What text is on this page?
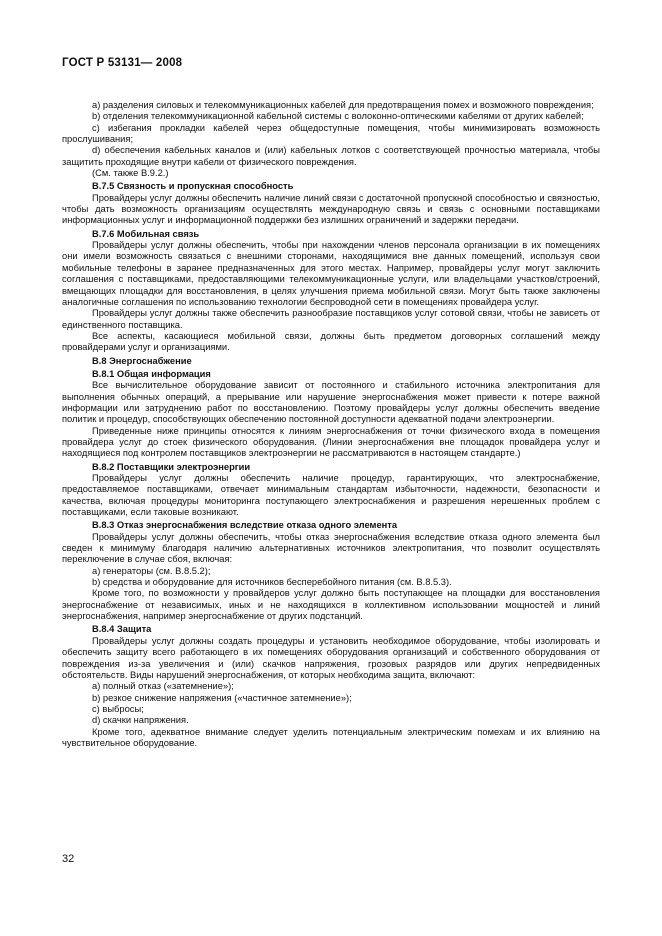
ГОСТ Р 53131— 2008

a) разделения силовых и телекоммуникационных кабелей для предотвращения помех и возможного повреждения;

b) отделения телекоммуникационной кабельной системы с волоконно-оптическими кабелями от других кабелей;

c) избегания прокладки кабелей через общедоступные помещения, чтобы минимизировать возможность прослушивания;

d) обеспечения кабельных каналов и (или) кабельных лотков с соответствующей прочностью материала, чтобы защитить проходящие внутри кабели от физического повреждения.

(См. также В.9.2.)

В.7.5 Связность и пропускная способность

Провайдеры услуг должны обеспечить наличие линий связи с достаточной пропускной способностью и связностью, чтобы дать возможность организациям осуществлять международную связь и связь с основными поставщиками информационных услуг и информационной поддержки без излишних ограничений и задержки передачи.

В.7.6 Мобильная связь

Провайдеры услуг должны обеспечить, чтобы при нахождении членов персонала организации в их помещениях они имели возможность связаться с внешними сторонами, находящимися вне данных помещений, используя свои мобильные телефоны в заранее предназначенных для этого местах. Например, провайдеры услуг могут заключить соглашения с поставщиками, предоставляющими телекоммуникационные услуги, или владельцами участков/строений, вмещающих площадки для восстановления, в целях улучшения приема мобильной связи. Могут быть также заключены аналогичные соглашения по использованию технологии беспроводной сети в помещениях провайдера услуг.

Провайдеры услуг должны также обеспечить разнообразие поставщиков услуг сотовой связи, чтобы не зависеть от единственного поставщика.

Все аспекты, касающиеся мобильной связи, должны быть предметом договорных соглашений между провайдерами услуг и организациями.

В.8 Энергоснабжение

В.8.1 Общая информация

Все вычислительное оборудование зависит от постоянного и стабильного источника электропитания для выполнения обычных операций, а прерывание или нарушение энергоснабжения может привести к потере важной информации или затруднению работ по восстановлению. Поэтому провайдеры услуг должны обеспечить введение политик и процедур, способствующих обеспечению постоянной доступности адекватной подачи электроэнергии.

Приведенные ниже принципы относятся к линиям энергоснабжения от точки физического входа в помещения провайдера услуг до стоек физического оборудования. (Линии энергоснабжения вне площадок провайдера услуг и находящиеся под контролем поставщиков электроэнергии не рассматриваются в настоящем стандарте.)

В.8.2 Поставщики электроэнергии

Провайдеры услуг должны обеспечить наличие процедур, гарантирующих, что электроснабжение, предоставляемое поставщиками, отвечает минимальным стандартам избыточности, надежности, безопасности и качества, включая процедуры мониторинга поступающего электроснабжения и разрешения нерешенных проблем с поставщиками, если таковые возникают.

В.8.3 Отказ энергоснабжения вследствие отказа одного элемента

Провайдеры услуг должны обеспечить, чтобы отказ энергоснабжения вследствие отказа одного элемента был сведен к минимуму благодаря наличию альтернативных источников электропитания, что позволит осуществлять переключение в случае сбоя, включая:

а) генераторы (см. В.8.5.2);

b) средства и оборудование для источников бесперебойного питания (см. В.8.5.3).

Кроме того, по возможности у провайдеров услуг должно быть поступающее на площадки для восстановления энергоснабжение от независимых, иных и не находящихся в коллективном использовании мощностей и линий энергоснабжения, например энергоснабжение от других подстанций.

В.8.4 Защита

Провайдеры услуг должны создать процедуры и установить необходимое оборудование, чтобы изолировать и обеспечить защиту всего работающего в их помещениях оборудования организаций и собственного оборудования от повреждения из-за увеличения и (или) скачков напряжения, грозовых разрядов или других непредвиденных обстоятельств. Виды нарушений энергоснабжения, от которых необходима защита, включают:

а) полный отказ («затемнение»);

b) резкое снижение напряжения («частичное затемнение»);

c) выбросы;

d) скачки напряжения.

Кроме того, адекватное внимание следует уделить потенциальным электрическим помехам и их влиянию на чувствительное оборудование.

32
